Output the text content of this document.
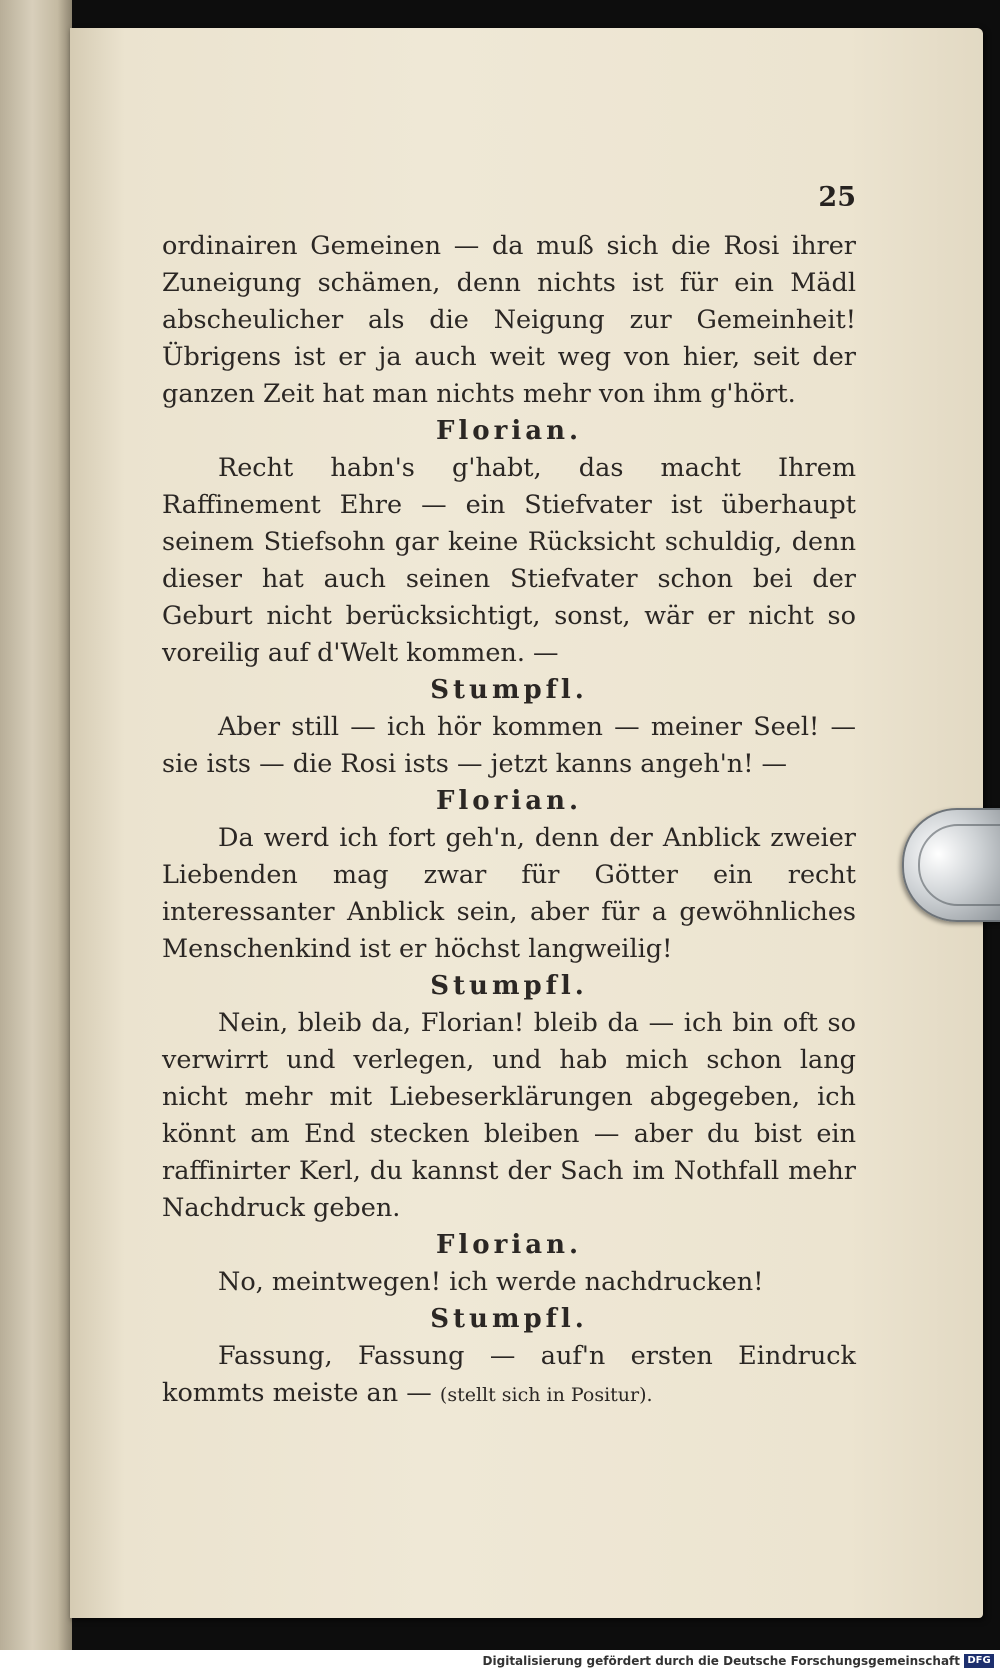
25

ordinairen Gemeinen — da muß sich die Rosi ihrer Zuneigung schämen, denn nichts ist für ein Mädl abscheulicher als die Neigung zur Gemeinheit! Übrigens ist er ja auch weit weg von hier, seit der ganzen Zeit hat man nichts mehr von ihm g'hört.

Florian.

Recht habn's g'habt, das macht Ihrem Raffinement Ehre — ein Stiefvater ist überhaupt seinem Stiefsohn gar keine Rücksicht schuldig, denn dieser hat auch seinen Stiefvater schon bei der Geburt nicht berücksichtigt, sonst, wär er nicht so voreilig auf d'Welt kommen. —

Stumpfl.

Aber still — ich hör kommen — meiner Seel! — sie ists — die Rosi ists — jetzt kanns angeh'n! —

Florian.

Da werd ich fort geh'n, denn der Anblick zweier Liebenden mag zwar für Götter ein recht interessanter Anblick sein, aber für a gewöhnliches Menschenkind ist er höchst langweilig!

Stumpfl.

Nein, bleib da, Florian! bleib da — ich bin oft so verwirrt und verlegen, und hab mich schon lang nicht mehr mit Liebeserklärungen abgegeben, ich könnt am End stecken bleiben — aber du bist ein raffinirter Kerl, du kannst der Sach im Nothfall mehr Nachdruck geben.

Florian.

No, meintwegen! ich werde nachdrucken!

Stumpfl.

Fassung, Fassung — auf'n ersten Eindruck kommts meiste an — (stellt sich in Positur).

Digitalisierung gefördert durch die Deutsche Forschungsgemeinschaft DFG
